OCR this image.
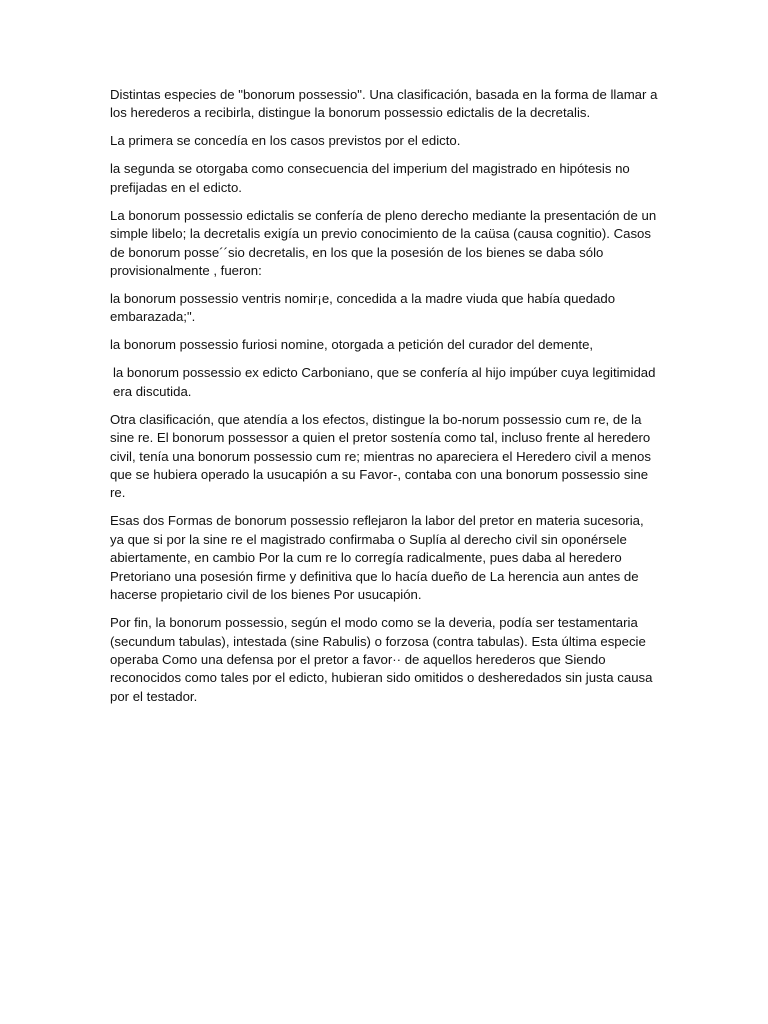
Distintas especies de "bonorum possessio". Una clasificación, basada en la forma de llamar a los herederos a recibirla, distingue la bonorum possessio edictalis de la decretalis.

La primera se concedía en los casos previstos por el edicto.

la segunda se otorgaba como consecuencia del imperium del magistrado en hipótesis no prefijadas en el edicto.

La bonorum possessio edictalis se confería de pleno derecho mediante la presentación de un simple libelo; la decretalis exigía un previo conocimiento de la caüsa (causa cognitio). Casos de bonorum posse´´sio decretalis, en los que la posesión de los bienes se daba sólo provisionalmente , fueron:

la bonorum possessio ventris nomir¡e, concedida a la madre viuda que había quedado embarazada;".

la bonorum possessio furiosi nomine, otorgada a petición del curador del demente,

la bonorum possessio ex edicto Carboniano, que se confería al hijo impúber cuya legitimidad era discutida.

Otra clasificación, que atendía a los efectos, distingue la bo-norum possessio cum re, de la sine re. El bonorum possessor a quien el pretor sostenía como tal, incluso frente al heredero civil, tenía una bonorum possessio cum re; mientras no apareciera el Heredero civil a menos que se hubiera operado la usucapión a su Favor-, contaba con una bonorum possessio sine re.

Esas dos Formas de bonorum possessio reflejaron la labor del pretor en materia sucesoria, ya que si por la sine re el magistrado confirmaba o Suplía al derecho civil sin oponérsele abiertamente, en cambio Por la cum re lo corregía radicalmente, pues daba al heredero Pretoriano una posesión firme y definitiva que lo hacía dueño de La herencia aun antes de hacerse propietario civil de los bienes Por usucapión.

Por fin, la bonorum possessio, según el modo como se la deveria, podía ser testamentaria (secundum tabulas), intestada (sine Rabulis) o forzosa (contra tabulas). Esta última especie operaba Como una defensa por el pretor a favor·· de aquellos herederos que Siendo reconocidos como tales por el edicto, hubieran sido omitidos o desheredados sin justa causa por el testador.
